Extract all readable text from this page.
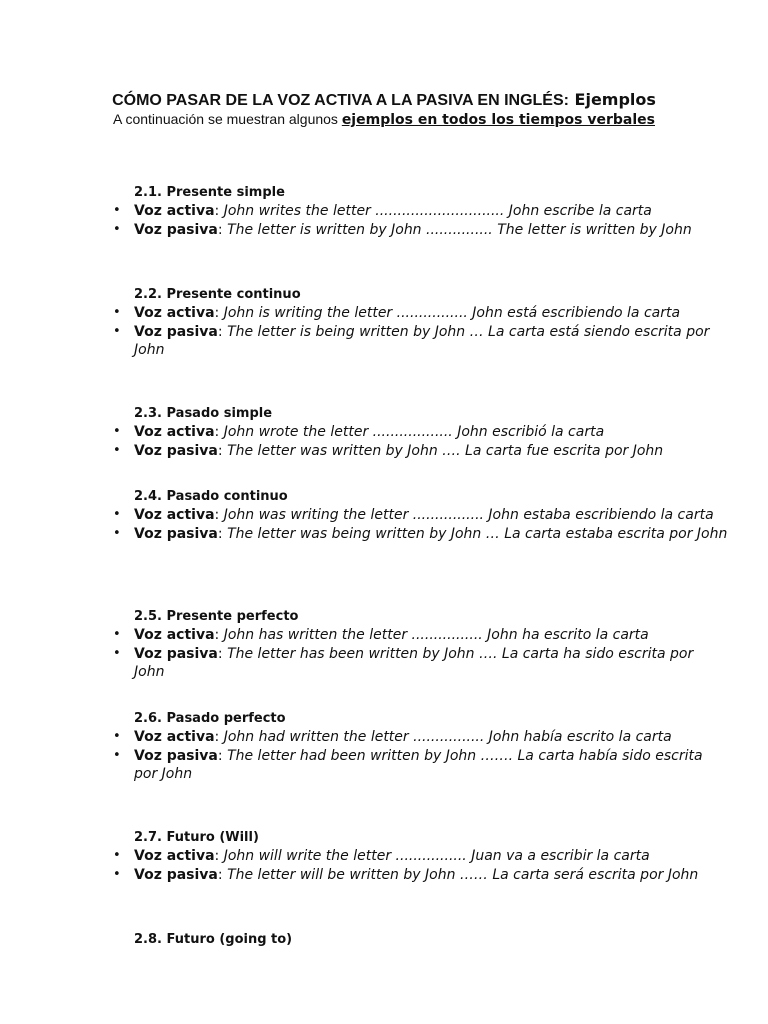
CÓMO PASAR DE LA VOZ ACTIVA A LA PASIVA EN INGLÉS: Ejemplos
A continuación se muestran algunos ejemplos en todos los tiempos verbales
2.1. Presente simple
• Voz activa: John writes the letter ............................. John escribe la carta
• Voz pasiva: The letter is written by John ............... The letter is written by John
2.2. Presente continuo
• Voz activa: John is writing the letter ................ John está escribiendo la carta
• Voz pasiva: The letter is being written by John … La carta está siendo escrita por John
2.3. Pasado simple
• Voz activa: John wrote the letter .................. John escribió la carta
• Voz pasiva: The letter was written by John …. La carta fue escrita por John
2.4. Pasado continuo
• Voz activa: John was writing the letter ................ John estaba escribiendo la carta
• Voz pasiva: The letter was being written by John … La carta estaba escrita por John
2.5. Presente perfecto
• Voz activa: John has written the letter ................ John ha escrito la carta
• Voz pasiva: The letter has been written by John …. La carta ha sido escrita por John
2.6. Pasado perfecto
• Voz activa: John had written the letter ................ John había escrito la carta
• Voz pasiva: The letter had been written by John ……. La carta había sido escrita por John
2.7. Futuro (Will)
• Voz activa: John will write the letter ................ Juan va a escribir la carta
• Voz pasiva: The letter will be written by John …… La carta será escrita por John
2.8. Futuro (going to)
